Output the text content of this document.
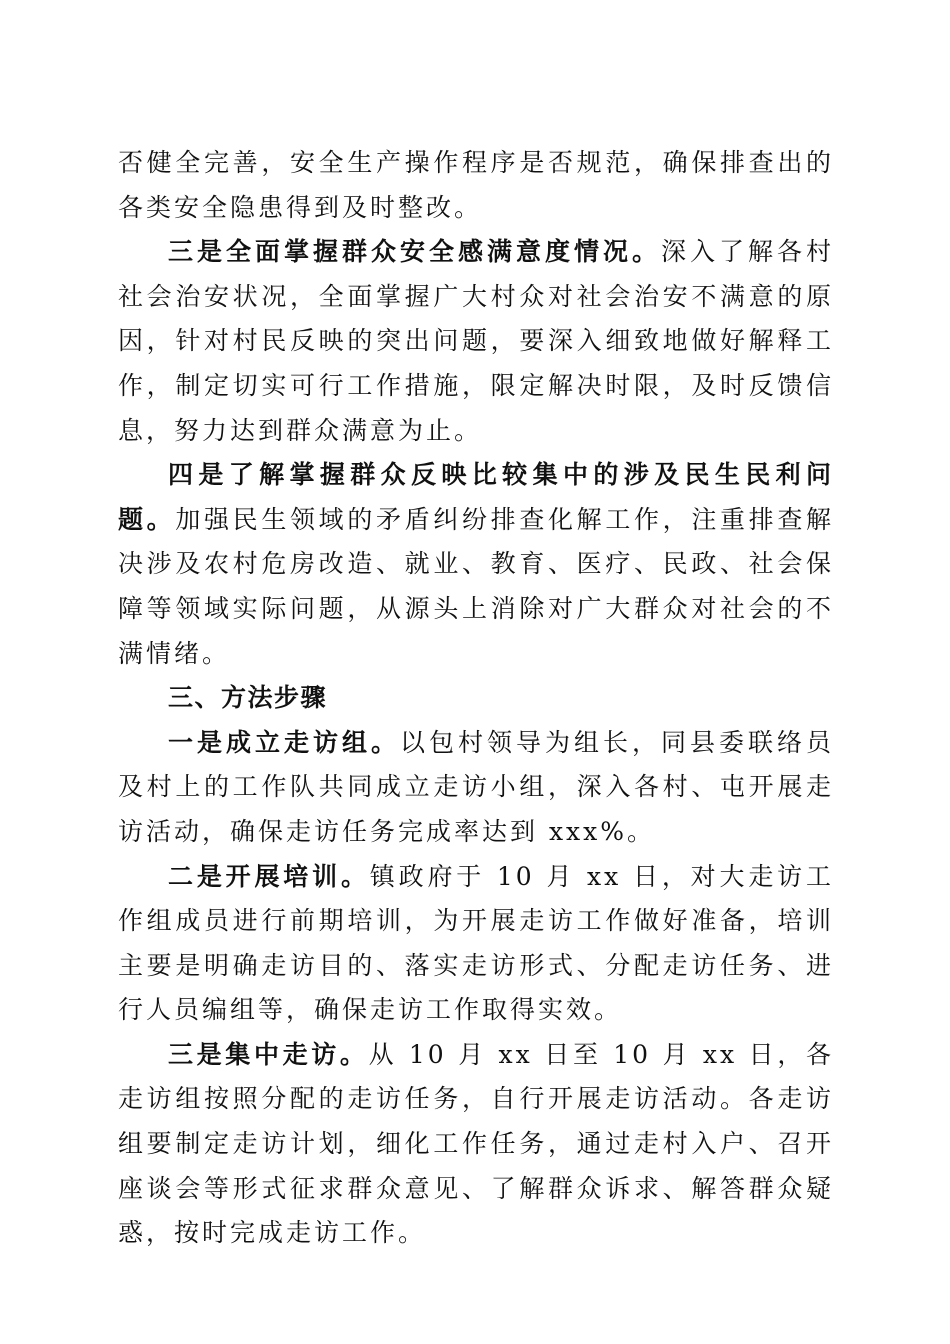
否健全完善，安全生产操作程序是否规范，确保排查出的各类安全隐患得到及时整改。

三是全面掌握群众安全感满意度情况。深入了解各村社会治安状况，全面掌握广大村众对社会治安不满意的原因，针对村民反映的突出问题，要深入细致地做好解释工作，制定切实可行工作措施，限定解决时限，及时反馈信息，努力达到群众满意为止。

四是了解掌握群众反映比较集中的涉及民生民利问题。加强民生领域的矛盾纠纷排查化解工作，注重排查解决涉及农村危房改造、就业、教育、医疗、民政、社会保障等领域实际问题，从源头上消除对广大群众对社会的不满情绪。

三、方法步骤

一是成立走访组。以包村领导为组长，同县委联络员及村上的工作队共同成立走访小组，深入各村、屯开展走访活动，确保走访任务完成率达到 xxx%。

二是开展培训。镇政府于 10 月 xx 日，对大走访工作组成员进行前期培训，为开展走访工作做好准备，培训主要是明确走访目的、落实走访形式、分配走访任务、进行人员编组等，确保走访工作取得实效。

三是集中走访。从 10 月 xx 日至 10 月 xx 日，各走访组按照分配的走访任务，自行开展走访活动。各走访组要制定走访计划，细化工作任务，通过走村入户、召开座谈会等形式征求群众意见、了解群众诉求、解答群众疑惑，按时完成走访工作。
